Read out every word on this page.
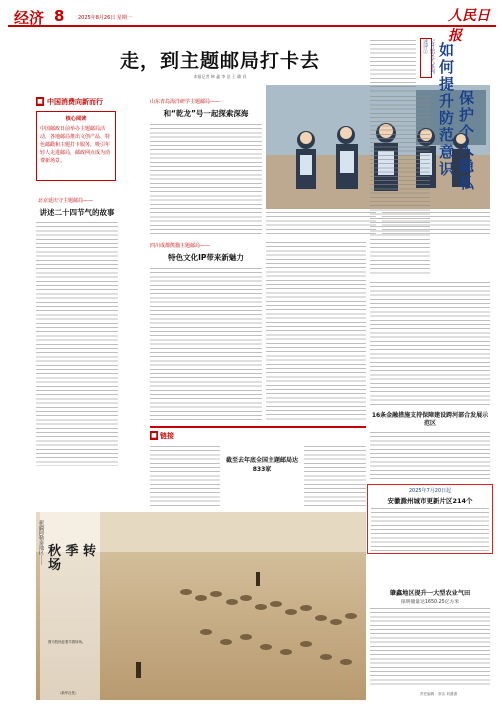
经济 8	2025年8月26日 星期一	人民日报
走，到主题邮局打卡去
本报记者 韩 鑫 李 昆 王 璐 祥
■ 中国消费向新而行
核心阅读
中国邮政日前举办主题邮局活动，各地邮局推出文创产品、特色邮戳和主题打卡服务，吸引年轻人走进邮局，邮政网点成为消费新场景。
北京延庆守主题邮局——
讲述二十四节气的故事
山东青岛海洋研学主题邮局——
和“乾龙”号一起探索深海
“食品安全”系列述评② 如何提升防范意识 保护个人隐私
四川成都熊猫主题邮局——
特色文化IP带来新魅力
■ 链接
截至去年底全国主题邮局达833家
新疆阿勒泰地区—— 秋 季 转 场
图为牧民赶着羊群转场。
（新华社发）
16条金融措施支持保障建设跨河部合发展示范区
2025年7月20日起
安徽滁州城市更新片区214个
肇鑫地区提升一大型农业气田
探明储量达1650.25亿方米
责任编辑：常洁 刘潇潇
